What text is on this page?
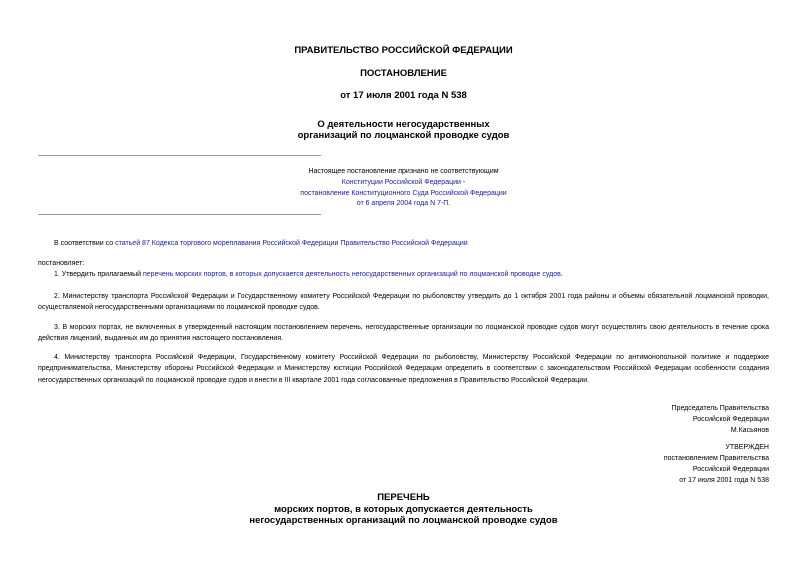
ПРАВИТЕЛЬСТВО РОССИЙСКОЙ ФЕДЕРАЦИИ
ПОСТАНОВЛЕНИЕ
от 17 июля 2001 года N 538
О деятельности негосударственных
организаций по лоцманской проводке судов
Настоящее постановление признано не соответствующим
Конституции Российской Федерации -
постановление Конституционного Суда Российской Федерации
от 6 апреля 2004 года N 7-П.
В соответствии со статьей 87 Кодекса торгового мореплавания Российской Федерации Правительство Российской Федерации
постановляет:
1. Утвердить прилагаемый перечень морских портов, в которых допускается деятельность негосударственных организаций по лоцманской проводке судов.
2. Министерству транспорта Российской Федерации и Государственному комитету Российской Федерации по рыболовству утвердить до 1 октября 2001 года районы и объемы обязательной лоцманской проводки, осуществляемой негосударственными организациями по лоцманской проводке судов.
3. В морских портах, не включенных в утвержденный настоящим постановлением перечень, негосударственные организации по лоцманской проводке судов могут осуществлять свою деятельность в течение срока действия лицензий, выданных им до принятия настоящего постановления.
4. Министерству транспорта Российской Федерации, Государственному комитету Российской Федерации по рыболовству, Министерству Российской Федерации по антимонопольной политике и поддержке предпринимательства, Министерству обороны Российской Федерации и Министерству юстиции Российской Федерации определить в соответствии с законодательством Российской Федерации особенности создания негосударственных организаций по лоцманской проводке судов и внести в III квартале 2001 года согласованные предложения в Правительство Российской Федерации.
Председатель Правительства
Российской Федерации
М.Касьянов
УТВЕРЖДЕН
постановлением Правительства
Российской Федерации
от 17 июля 2001 года N 538
ПЕРЕЧЕНЬ
морских портов, в которых допускается деятельность
негосударственных организаций по лоцманской проводке судов
